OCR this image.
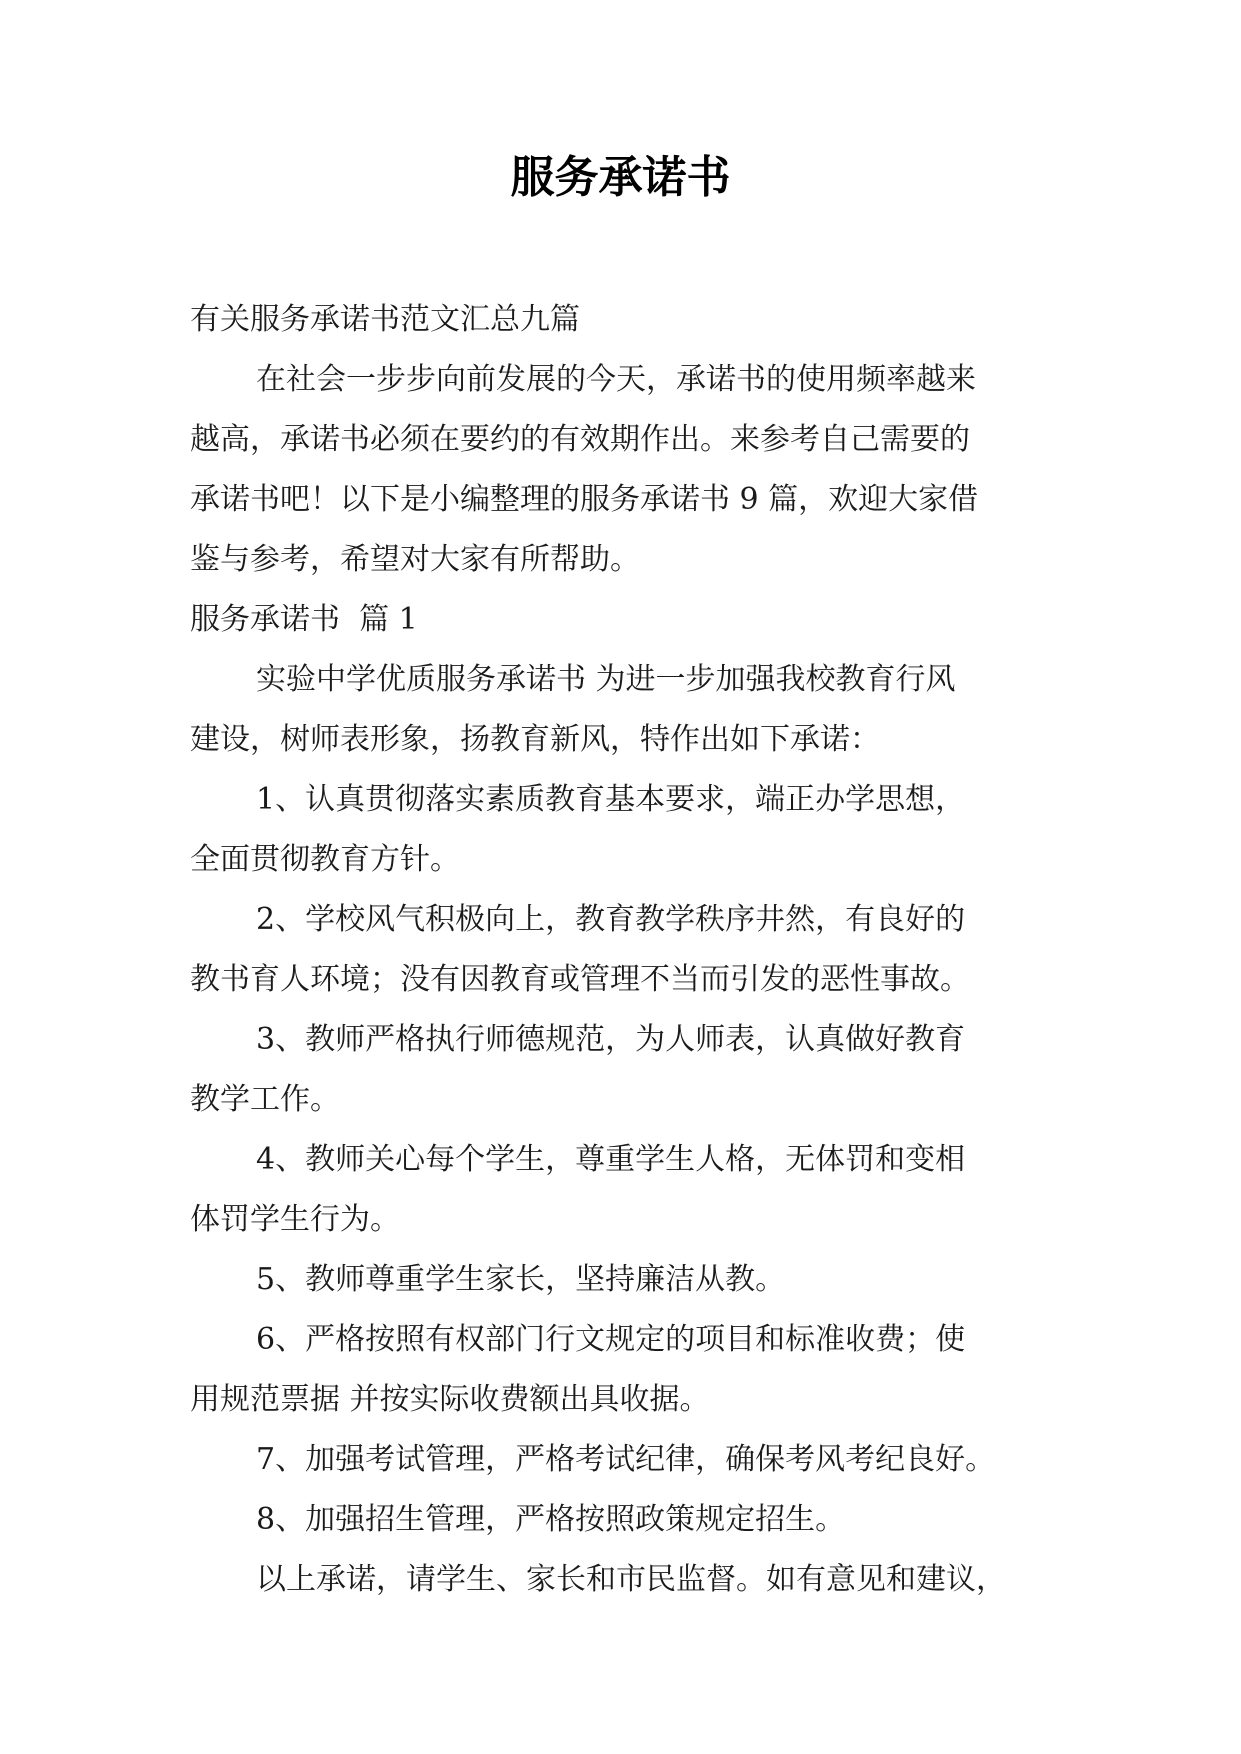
服务承诺书
有关服务承诺书范文汇总九篇
在社会一步步向前发展的今天，承诺书的使用频率越来
越高，承诺书必须在要约的有效期作出。来参考自己需要的
承诺书吧！以下是小编整理的服务承诺书 9 篇，欢迎大家借
鉴与参考，希望对大家有所帮助。
服务承诺书  篇 1
实验中学优质服务承诺书 为进一步加强我校教育行风
建设，树师表形象，扬教育新风，特作出如下承诺：
1、认真贯彻落实素质教育基本要求，端正办学思想，
全面贯彻教育方针。
2、学校风气积极向上，教育教学秩序井然，有良好的
教书育人环境；没有因教育或管理不当而引发的恶性事故。
3、教师严格执行师德规范，为人师表，认真做好教育
教学工作。
4、教师关心每个学生，尊重学生人格，无体罚和变相
体罚学生行为。
5、教师尊重学生家长，坚持廉洁从教。
6、严格按照有权部门行文规定的项目和标准收费；使
用规范票据 并按实际收费额出具收据。
7、加强考试管理，严格考试纪律，确保考风考纪良好。
8、加强招生管理，严格按照政策规定招生。
以上承诺，请学生、家长和市民监督。如有意见和建议，
